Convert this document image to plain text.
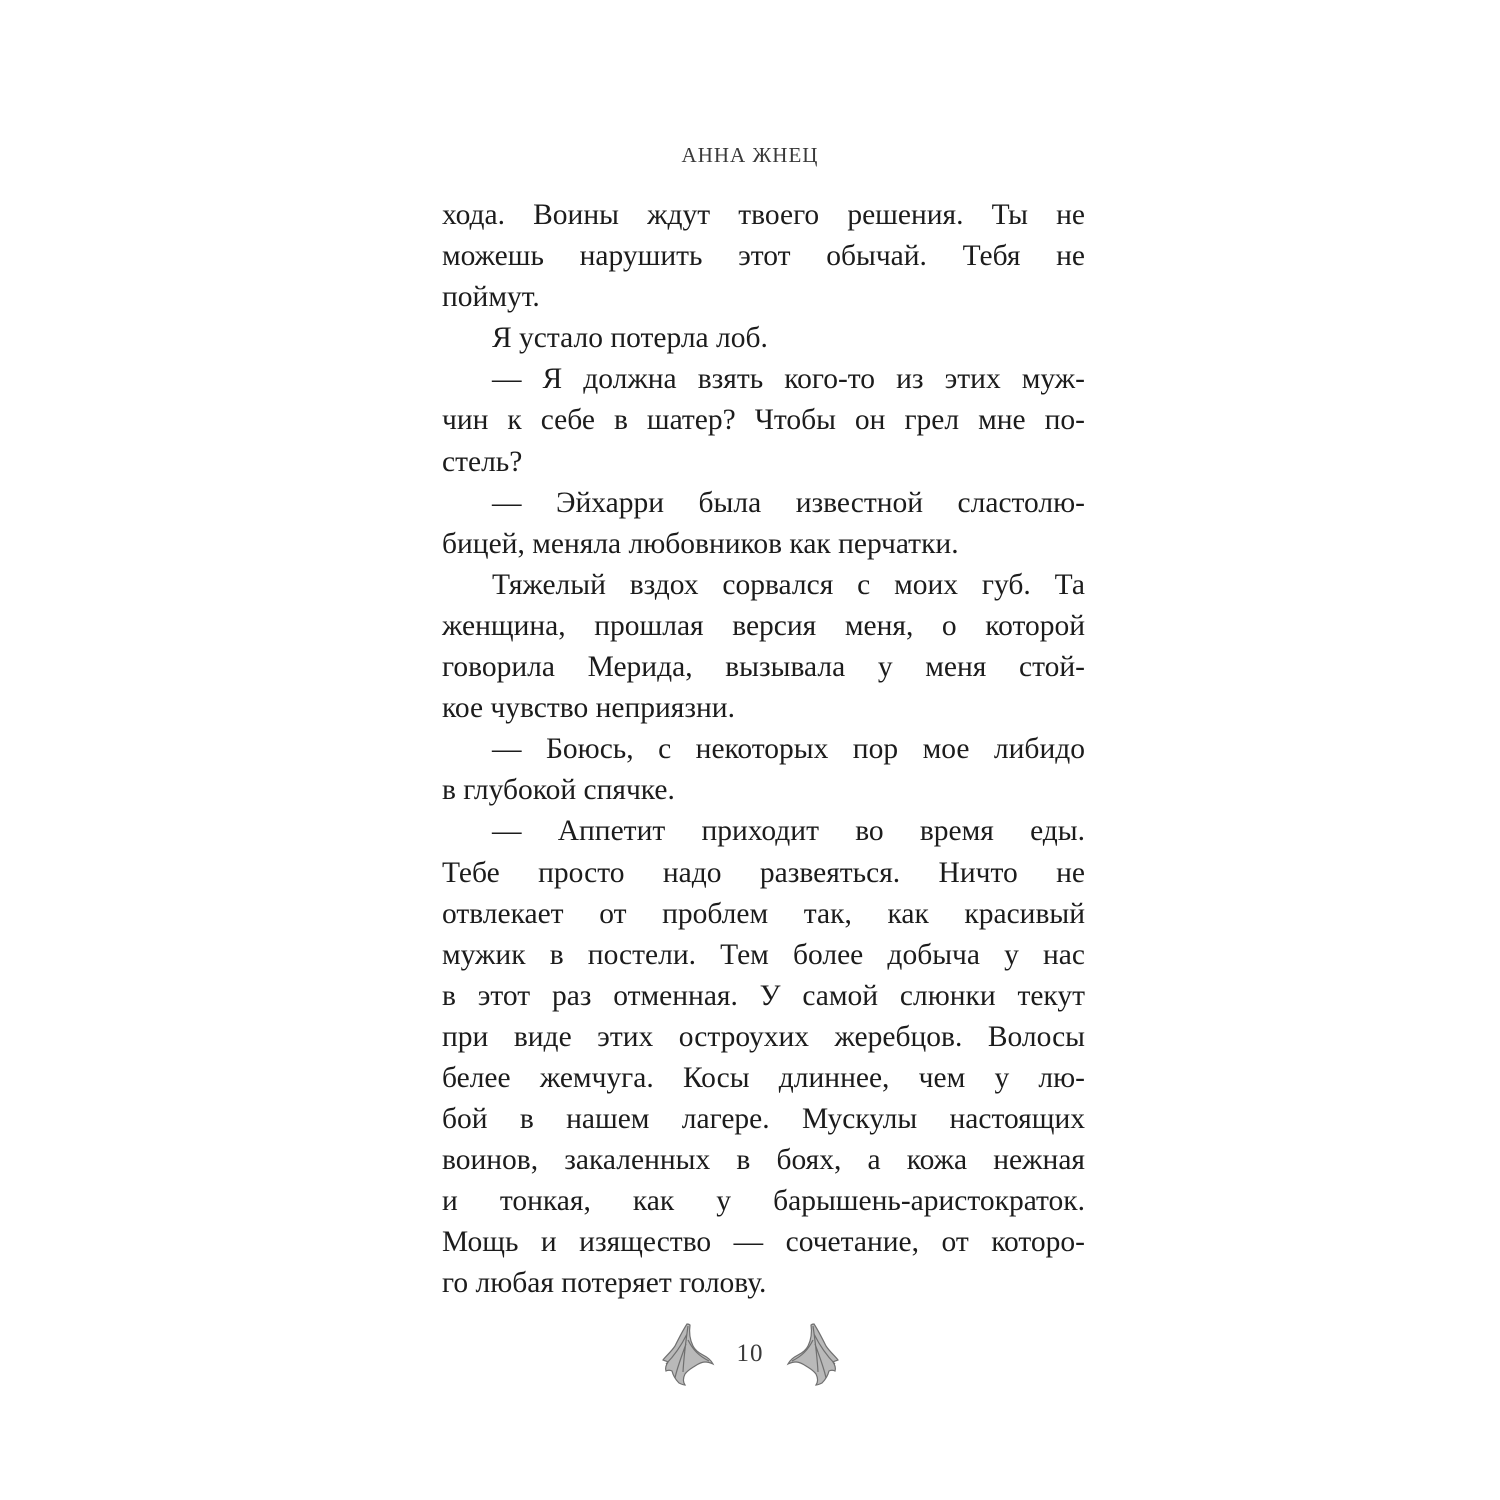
АННА ЖНЕЦ
хода. Воины ждут твоего решения. Ты не
можешь нарушить этот обычай. Тебя не
поймут.
Я устало потерла лоб.
— Я должна взять кого-то из этих муж-
чин к себе в шатер? Чтобы он грел мне по-
стель?
— Эйхарри была известной сластолю-
бицей, меняла любовников как перчатки.
Тяжелый вздох сорвался с моих губ. Та
женщина, прошлая версия меня, о которой
говорила Мерида, вызывала у меня стой-
кое чувство неприязни.
— Боюсь, с некоторых пор мое либидо
в глубокой спячке.
— Аппетит приходит во время еды.
Тебе просто надо развеяться. Ничто не
отвлекает от проблем так, как красивый
мужик в постели. Тем более добыча у нас
в этот раз отменная. У самой слюнки текут
при виде этих остроухих жеребцов. Волосы
белее жемчуга. Косы длиннее, чем у лю-
бой в нашем лагере. Мускулы настоящих
воинов, закаленных в боях, а кожа нежная
и тонкая, как у барышень-аристократок.
Мощь и изящество — сочетание, от которо-
го любая потеряет голову.
10
